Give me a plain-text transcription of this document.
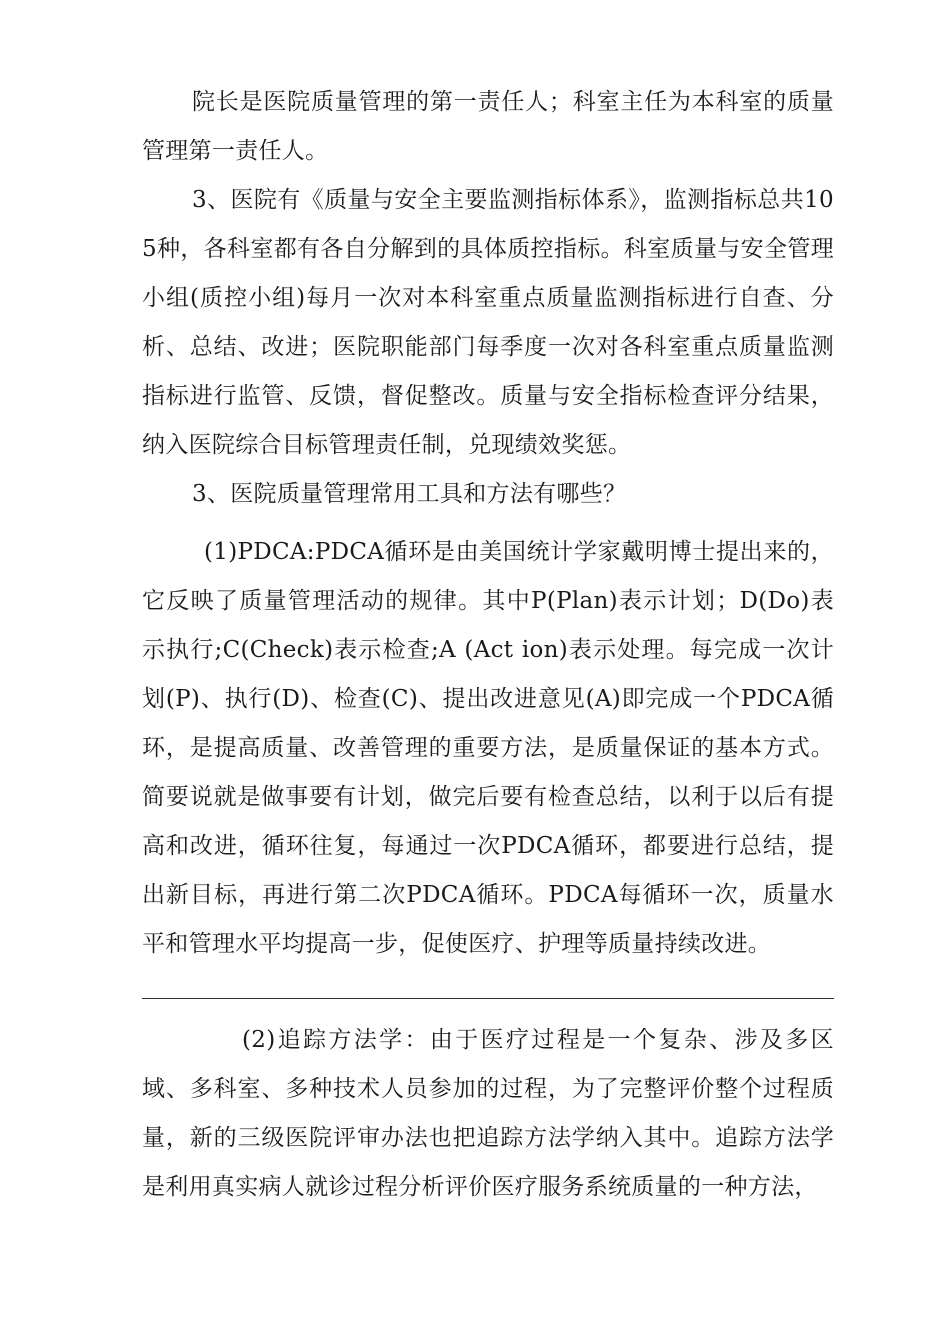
院长是医院质量管理的第一责任人；科室主任为本科室的质量管理第一责任人。

3、医院有《质量与安全主要监测指标体系》，监测指标总共105种，各科室都有各自分解到的具体质控指标。科室质量与安全管理小组(质控小组)每月一次对本科室重点质量监测指标进行自查、分析、总结、改进；医院职能部门每季度一次对各科室重点质量监测指标进行监管、反馈，督促整改。质量与安全指标检查评分结果，纳入医院综合目标管理责任制，兑现绩效奖惩。

3、医院质量管理常用工具和方法有哪些？

(1)PDCA:PDCA循环是由美国统计学家戴明博士提出来的，它反映了质量管理活动的规律。其中P(Plan)表示计划；D(Do)表示执行;C(Check)表示检查;A (Act ion)表示处理。每完成一次计划(P)、执行(D)、检查(C)、提出改进意见(A)即完成一个PDCA循环，是提高质量、改善管理的重要方法，是质量保证的基本方式。简要说就是做事要有计划，做完后要有检查总结，以利于以后有提高和改进，循环往复，每通过一次PDCA循环，都要进行总结，提出新目标，再进行第二次PDCA循环。PDCA每循环一次，质量水平和管理水平均提高一步，促使医疗、护理等质量持续改进。

(2)追踪方法学：由于医疗过程是一个复杂、涉及多区域、多科室、多种技术人员参加的过程，为了完整评价整个过程质量，新的三级医院评审办法也把追踪方法学纳入其中。追踪方法学是利用真实病人就诊过程分析评价医疗服务系统质量的一种方法，
